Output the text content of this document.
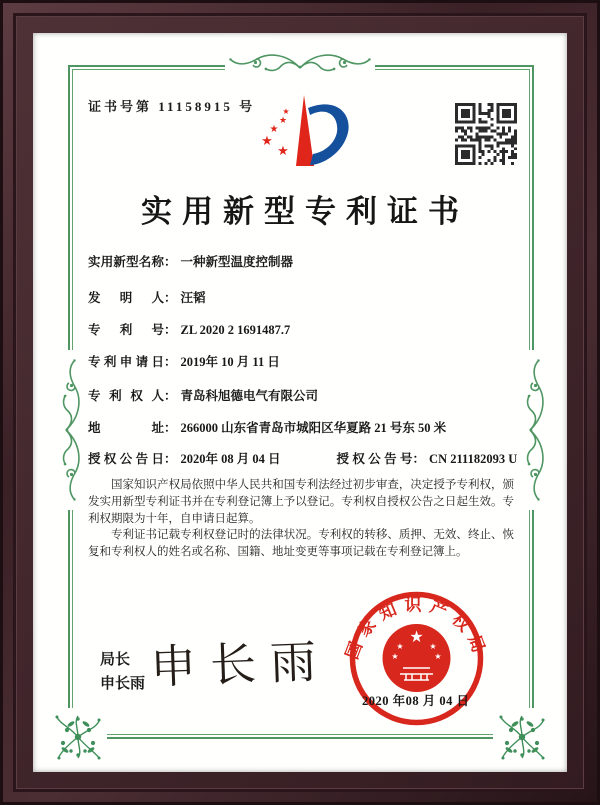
证书号第 11158915 号	★
★
★
★
★
实用新型专利证书
实用新型名称： 一种新型温度控制器
发明人： 汪韬
专利号： ZL 2020 2 1691487.7
专利申请日： 2019年 10 月 11 日
专利权人： 青岛科旭德电气有限公司
地址： 266000 山东省青岛市城阳区华夏路 21 号东 50 米
授权公告日： 2020年 08 月 04 日	授权公告号： CN 211182093 U

国家知识产权局依照中华人民共和国专利法经过初步审查，决定授予专利权，颁发实用新型专利证书并在专利登记簿上予以登记。专利权自授权公告之日起生效。专利权期限为十年，自申请日起算。

专利证书记载专利权登记时的法律状况。专利权的转移、质押、无效、终止、恢复和专利权人的姓名或名称、国籍、地址变更等事项记载在专利登记簿上。

局长
申长雨 申长雨 国家知识产权局
★
★	★
★	★
2020 年08 月 04 日
